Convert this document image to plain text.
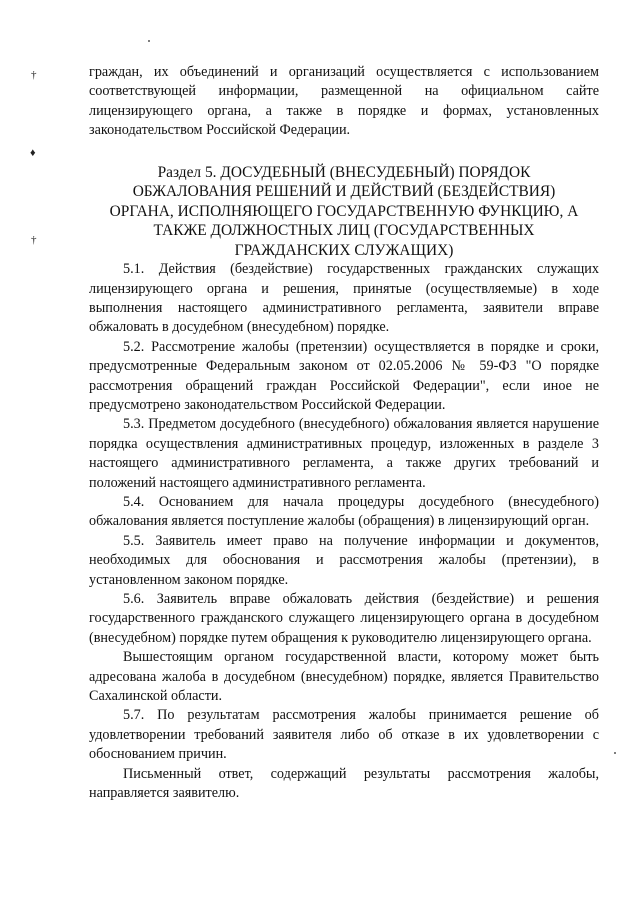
†
♦
†

граждан, их объединений и организаций осуществляется с использованием соответствующей информации, размещенной на официальном сайте лицензирующего органа, а также в порядке и формах, установленных законодательством Российской Федерации.

Раздел 5. ДОСУДЕБНЫЙ (ВНЕСУДЕБНЫЙ) ПОРЯДОК ОБЖАЛОВАНИЯ РЕШЕНИЙ И ДЕЙСТВИЙ (БЕЗДЕЙСТВИЯ) ОРГАНА, ИСПОЛНЯЮЩЕГО ГОСУДАРСТВЕННУЮ ФУНКЦИЮ, А ТАКЖЕ ДОЛЖНОСТНЫХ ЛИЦ (ГОСУДАРСТВЕННЫХ ГРАЖДАНСКИХ СЛУЖАЩИХ)

5.1. Действия (бездействие) государственных гражданских служащих лицензирующего органа и решения, принятые (осуществляемые) в ходе выполнения настоящего административного регламента, заявители вправе обжаловать в досудебном (внесудебном) порядке.

5.2. Рассмотрение жалобы (претензии) осуществляется в порядке и сроки, предусмотренные Федеральным законом от 02.05.2006 № 59-ФЗ "О порядке рассмотрения обращений граждан Российской Федерации", если иное не предусмотрено законодательством Российской Федерации.

5.3. Предметом досудебного (внесудебного) обжалования является нарушение порядка осуществления административных процедур, изложенных в разделе 3 настоящего административного регламента, а также других требований и положений настоящего административного регламента.

5.4. Основанием для начала процедуры досудебного (внесудебного) обжалования является поступление жалобы (обращения) в лицензирующий орган.

5.5. Заявитель имеет право на получение информации и документов, необходимых для обоснования и рассмотрения жалобы (претензии), в установленном законом порядке.

5.6. Заявитель вправе обжаловать действия (бездействие) и решения государственного гражданского служащего лицензирующего органа в досудебном (внесудебном) порядке путем обращения к руководителю лицензирующего органа.

Вышестоящим органом государственной власти, которому может быть адресована жалоба в досудебном (внесудебном) порядке, является Правительство Сахалинской области.

5.7. По результатам рассмотрения жалобы принимается решение об удовлетворении требований заявителя либо об отказе в их удовлетворении с обоснованием причин.

Письменный ответ, содержащий результаты рассмотрения жалобы, направляется заявителю.
